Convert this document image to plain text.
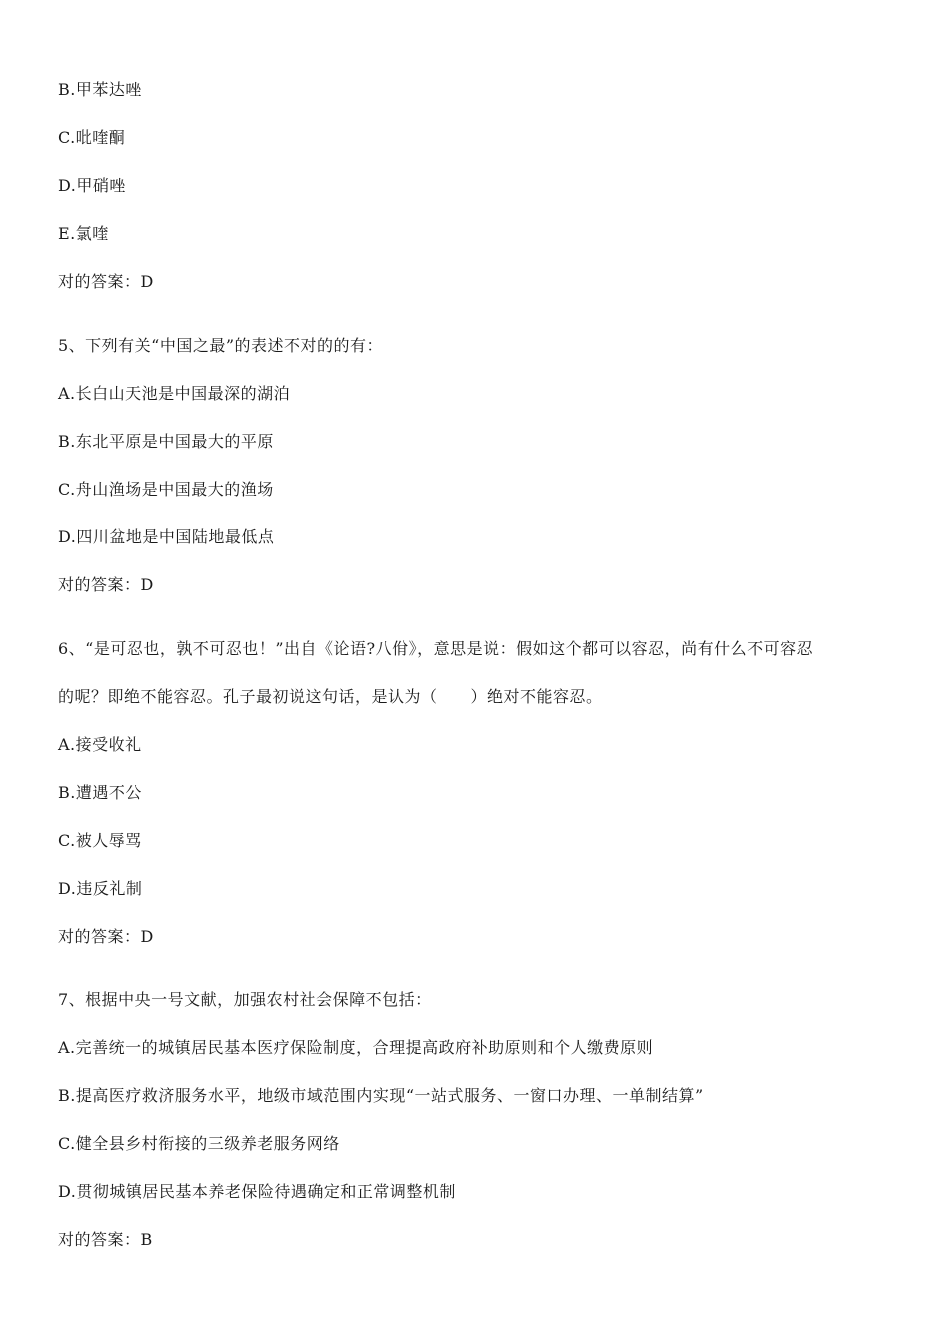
B.甲苯达唑
C.吡喹酮
D.甲硝唑
E.氯喹
对的答案：D
5、下列有关“中国之最”的表述不对的的有：
A.长白山天池是中国最深的湖泊
B.东北平原是中国最大的平原
C.舟山渔场是中国最大的渔场
D.四川盆地是中国陆地最低点
对的答案：D
6、“是可忍也，孰不可忍也！”出自《论语?八佾》，意思是说：假如这个都可以容忍，尚有什么不可容忍
的呢？即绝不能容忍。孔子最初说这句话，是认为（　　）绝对不能容忍。
A.接受收礼
B.遭遇不公
C.被人辱骂
D.违反礼制
对的答案：D
7、根据中央一号文献，加强农村社会保障不包括：
A.完善统一的城镇居民基本医疗保险制度，合理提高政府补助原则和个人缴费原则
B.提高医疗救济服务水平，地级市域范围内实现“一站式服务、一窗口办理、一单制结算”
C.健全县乡村衔接的三级养老服务网络
D.贯彻城镇居民基本养老保险待遇确定和正常调整机制
对的答案：B
